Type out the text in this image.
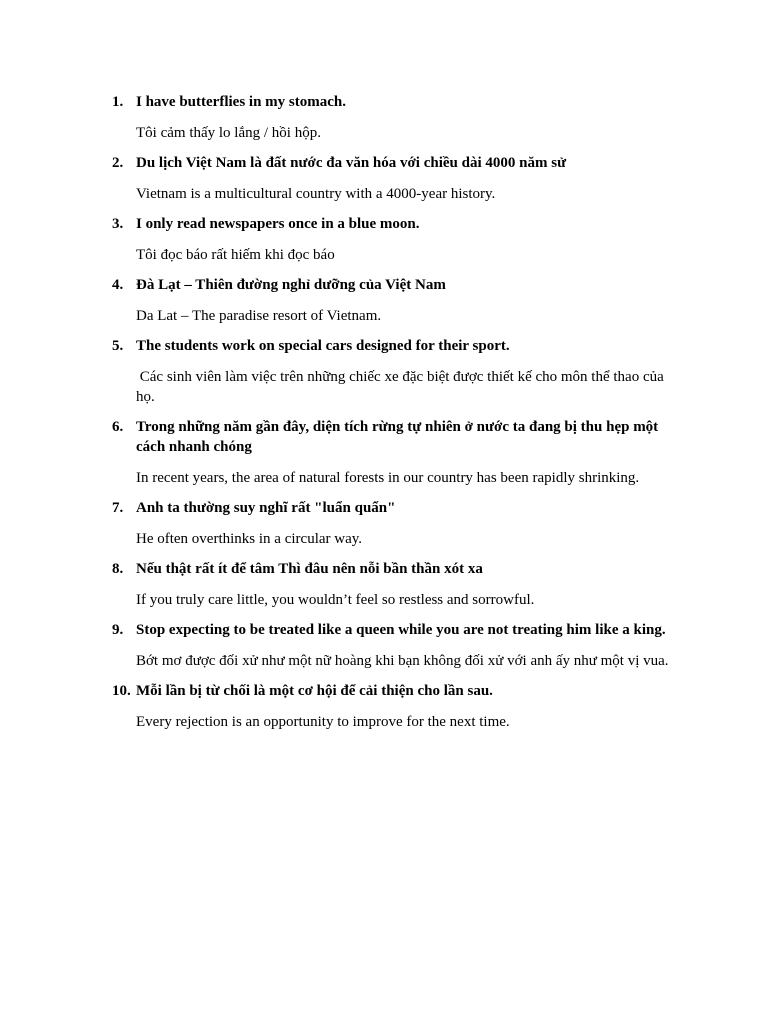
1. I have butterflies in my stomach.

Tôi cảm thấy lo lắng / hồi hộp.

2. Du lịch Việt Nam là đất nước đa văn hóa với chiều dài 4000 năm sử

Vietnam is a multicultural country with a 4000-year history.

3. I only read newspapers once in a blue moon.

Tôi đọc báo rất hiếm khi đọc báo

4. Đà Lạt – Thiên đường nghỉ dưỡng của Việt Nam

Da Lat – The paradise resort of Vietnam.

5. The students work on special cars designed for their sport.

Các sinh viên làm việc trên những chiếc xe đặc biệt được thiết kế cho môn thể thao của họ.

6. Trong những năm gần đây, diện tích rừng tự nhiên ở nước ta đang bị thu hẹp một cách nhanh chóng

In recent years, the area of natural forests in our country has been rapidly shrinking.

7. Anh ta thường suy nghĩ rất "luẩn quẩn"

He often overthinks in a circular way.

8. Nếu thật rất ít để tâm Thì đâu nên nỗi bần thần xót xa

If you truly care little, you wouldn’t feel so restless and sorrowful.

9. Stop expecting to be treated like a queen while you are not treating him like a king.

Bớt mơ được đối xử như một nữ hoàng khi bạn không đối xử với anh ấy như một vị vua.

10. Mỗi lần bị từ chối là một cơ hội để cải thiện cho lần sau.

Every rejection is an opportunity to improve for the next time.
